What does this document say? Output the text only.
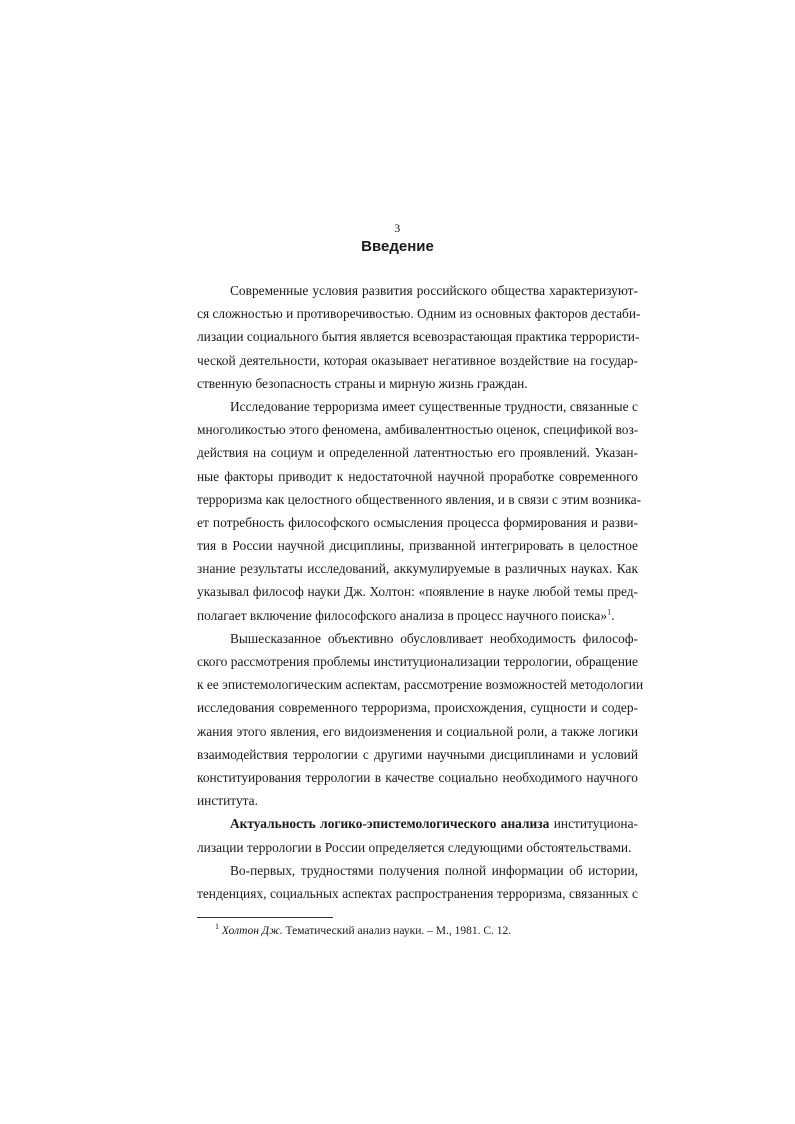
3
Введение
Современные условия развития российского общества характеризуют-
ся сложностью и противоречивостью. Одним из основных факторов дестаби-
лизации социального бытия является всевозрастающая практика террористи-
ческой деятельности, которая оказывает негативное воздействие на государ-
ственную безопасность страны и мирную жизнь граждан.
Исследование терроризма имеет существенные трудности, связанные с
многоликостью этого феномена, амбивалентностью оценок, спецификой воз-
действия на социум и определенной латентностью его проявлений. Указан-
ные факторы приводит к недостаточной научной проработке современного
терроризма как целостного общественного явления, и в связи с этим возника-
ет потребность философского осмысления процесса формирования и разви-
тия в России научной дисциплины, призванной интегрировать в целостное
знание результаты исследований, аккумулируемые в различных науках. Как
указывал философ науки Дж. Холтон: «появление в науке любой темы пред-
полагает включение философского анализа в процесс научного поиска»$^1$.
Вышесказанное объективно обусловливает необходимость философ-
ского рассмотрения проблемы институционализации террологии, обращение
к ее эпистемологическим аспектам, рассмотрение возможностей методологии
исследования современного терроризма, происхождения, сущности и содер-
жания этого явления, его видоизменения и социальной роли, а также логики
взаимодействия террологии с другими научными дисциплинами и условий
конституирования террологии в качестве социально необходимого научного
института.
Актуальность логико-эпистемологического анализа институциона-
лизации террологии в России определяется следующими обстоятельствами.
Во-первых, трудностями получения полной информации об истории,
тенденциях, социальных аспектах распространения терроризма, связанных с
$^1$ Холтон Дж. Тематический анализ науки. – М., 1981. С. 12.
